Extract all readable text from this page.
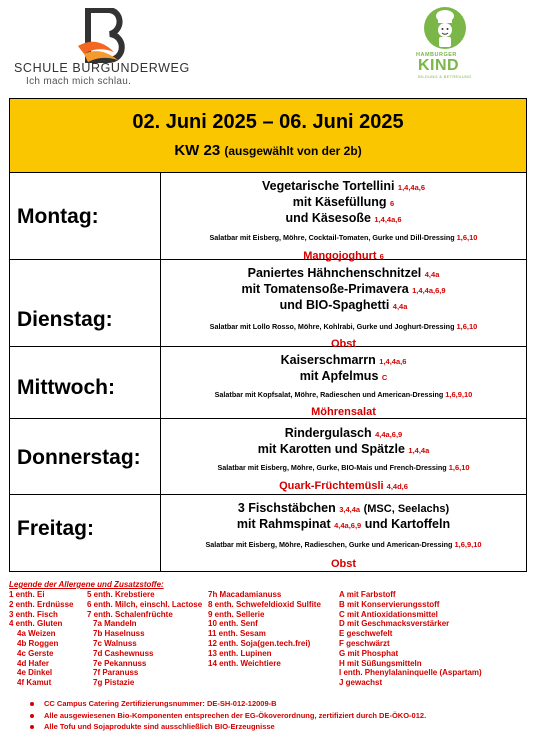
SCHULE BURGUNDERWEG
Ich mach mich schlau.
HAMBURGER
KIND
BILDUNG & BETREUUNG
02. Juni 2025 – 06. Juni 2025
KW 23 (ausgewählt von der 2b)
Montag:
Vegetarische Tortellini 1,4,4a,6
mit Käsefüllung 6
und Käsesoße 1,4,4a,6
Salatbar mit Eisberg, Möhre, Cocktail-Tomaten, Gurke und Dill-Dressing 1,6,10
Mangojoghurt 6
Dienstag:
Paniertes Hähnchenschnitzel 4,4a
mit Tomatensoße-Primavera 1,4,4a,6,9
und BIO-Spaghetti 4,4a
Salatbar mit Lollo Rosso, Möhre, Kohlrabi, Gurke und Joghurt-Dressing 1,6,10
Obst
Mittwoch:
Kaiserschmarrn 1,4,4a,6
mit Apfelmus C
Salatbar mit Kopfsalat, Möhre, Radieschen und American-Dressing 1,6,9,10
Möhrensalat
Donnerstag:
Rindergulasch 4,4a,6,9
mit Karotten und Spätzle 1,4,4a
Salatbar mit Eisberg, Möhre, Gurke, BIO-Mais und French-Dressing 1,6,10
Quark-Früchtemüsli 4,4d,6
Freitag:
3 Fischstäbchen 3,4,4a (MSC, Seelachs)
mit Rahmspinat 4,4a,6,9 und Kartoffeln
Salatbar mit Eisberg, Möhre, Radieschen, Gurke und American-Dressing 1,6,9,10
Obst
Legende der Allergene und Zusatzstoffe:
1 enth. Ei
2 enth. Erdnüsse
3 enth. Fisch
4 enth. Gluten
4a Weizen
4b Roggen
4c Gerste
4d Hafer
4e Dinkel
4f Kamut
5 enth. Krebstiere
6 enth. Milch, einschl. Lactose
7 enth. Schalenfrüchte
7a Mandeln
7b Haselnuss
7c Walnuss
7d Cashewnuss
7e Pekannuss
7f Paranuss
7g Pistazie
7h Macadamianuss
8 enth. Schwefeldioxid Sulfite
9 enth. Sellerie
10 enth. Senf
11 enth. Sesam
12 enth. Soja(gen.tech.frei)
13 enth. Lupinen
14 enth. Weichtiere
A mit Farbstoff
B mit Konservierungsstoff
C mit Antioxidationsmittel
D mit Geschmacksverstärker
E geschwefelt
F geschwärzt
G mit Phosphat
H mit Süßungsmitteln
I enth. Phenylalaninquelle (Aspartam)
J gewachst
CC Campus Catering Zertifizierungsnummer: DE-SH-012-12009-B
Alle ausgewiesenen Bio-Komponenten entsprechen der EG-Ökoverordnung, zertifiziert durch DE-ÖKO-012.
Alle Tofu und Sojaprodukte sind ausschließlich BIO-Erzeugnisse
